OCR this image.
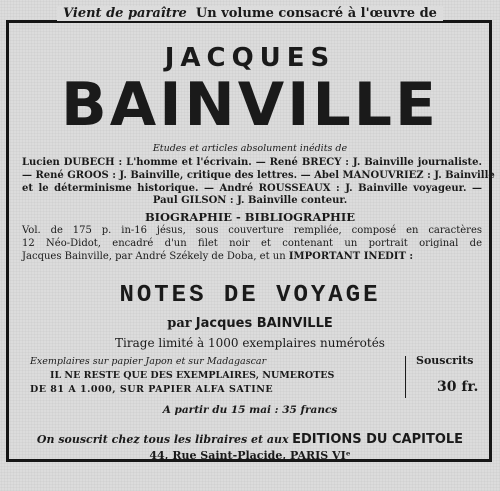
Vient de paraître Un volume consacré à l'œuvre de
JACQUES
BAINVILLE
Etudes et articles absolument inédits de
Lucien DUBECH : L'homme et l'écrivain. — René BRECY : J. Bainville journaliste.
— René GROOS : J. Bainville, critique des lettres. — Abel MANOUVRIEZ : J. Bainville
et le déterminisme historique. — André ROUSSEAUX : J. Bainville voyageur. —
Paul GILSON : J. Bainville conteur.
BIOGRAPHIE - BIBLIOGRAPHIE
Vol. de 175 p. in-16 jésus, sous couverture rempliée, composé en caractères
12 Néo-Didot, encadré d'un filet noir et contenant un portrait original de
Jacques Bainville, par André Székely de Doba, et un IMPORTANT INEDIT :
NOTES DE VOYAGE
par Jacques BAINVILLE
Tirage limité à 1000 exemplaires numérotés
Exemplaires sur papier Japon et sur Madagascar	Souscrits
IL NE RESTE QUE DES EXEMPLAIRES, NUMEROTES
DE 81 A 1.000, SUR PAPIER ALFA SATINE	30 fr.
A partir du 15 mai : 35 francs
On souscrit chez tous les libraires et aux EDITIONS DU CAPITOLE
44, Rue Saint-Placide, PARIS VIᵉ
